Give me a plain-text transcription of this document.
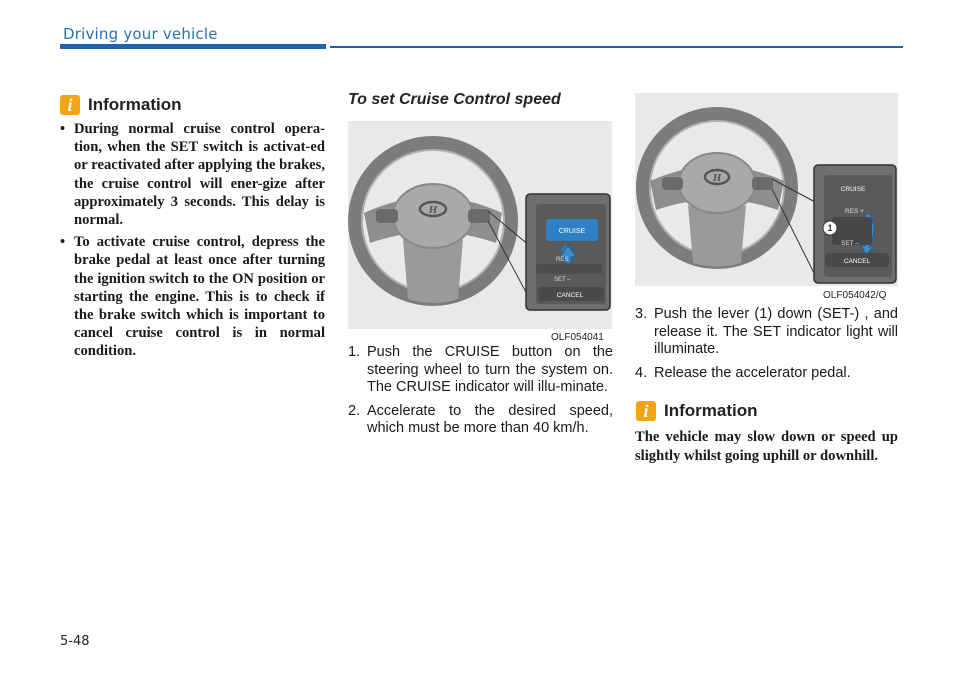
Driving your vehicle
i Information
• During normal cruise control opera-tion, when the SET switch is activat-ed or reactivated after applying the brakes, the cruise control will ener-gize after approximately 3 seconds. This delay is normal.
• To activate cruise control, depress the brake pedal at least once after turning the ignition switch to the ON position or starting the engine. This is to check if the brake switch which is important to cancel cruise control is in normal condition.
To set Cruise Control speed
H
CRUISE
RES
SET –
CANCEL
OLF054041
1. Push the CRUISE button on the steering wheel to turn the system on. The CRUISE indicator will illu-minate.
2. Accelerate to the desired speed, which must be more than 40 km/h.
H
CRUISE
RES +
1
SET –
CANCEL
OLF054042/Q
3. Push the lever (1) down (SET-) , and release it. The SET indicator light will illuminate.
4. Release the accelerator pedal.
i Information

The vehicle may slow down or speed up slightly whilst going uphill or downhill.

5-48
